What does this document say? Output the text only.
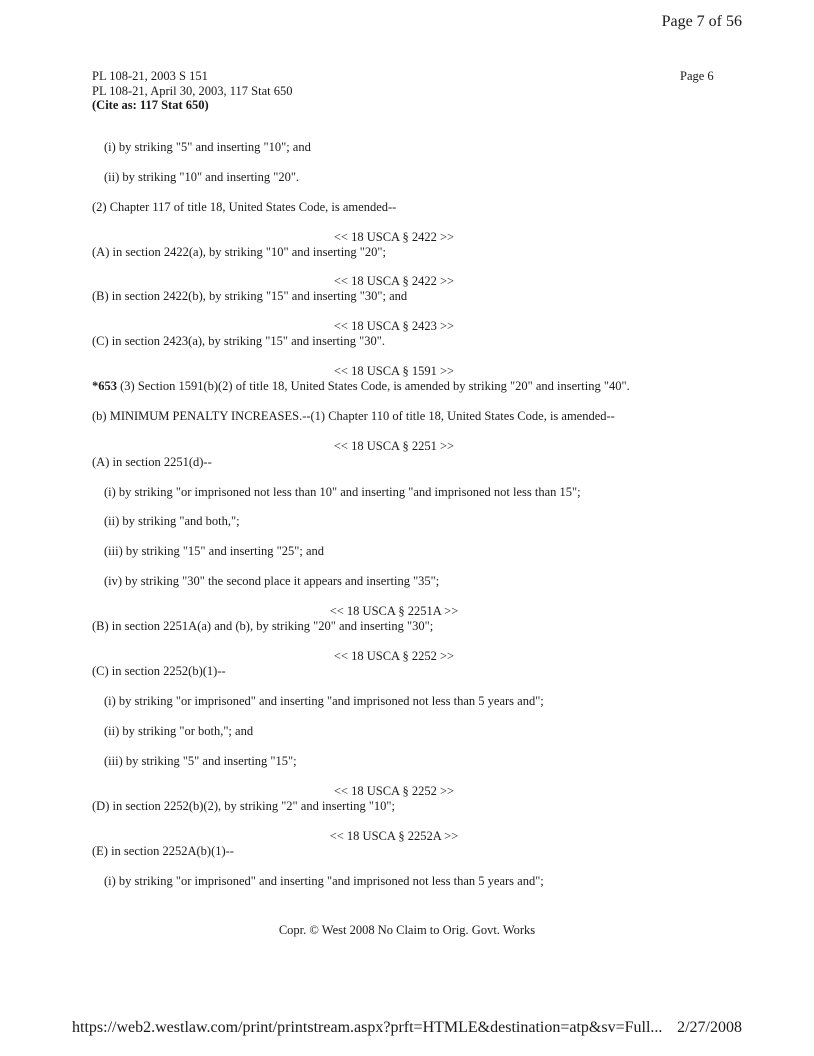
Page 7 of 56
PL 108-21, 2003 S 151
PL 108-21, April 30, 2003, 117 Stat 650
(Cite as: 117 Stat 650)
Page 6
(i) by striking "5" and inserting "10"; and
(ii) by striking "10" and inserting "20".
(2) Chapter 117 of title 18, United States Code, is amended--
<< 18 USCA § 2422 >>
(A) in section 2422(a), by striking "10" and inserting "20";
<< 18 USCA § 2422 >>
(B) in section 2422(b), by striking "15" and inserting "30"; and
<< 18 USCA § 2423 >>
(C) in section 2423(a), by striking "15" and inserting "30".
<< 18 USCA § 1591 >>
*653 (3) Section 1591(b)(2) of title 18, United States Code, is amended by striking "20" and inserting "40".
(b) MINIMUM PENALTY INCREASES.--(1) Chapter 110 of title 18, United States Code, is amended--
<< 18 USCA § 2251 >>
(A) in section 2251(d)--
(i) by striking "or imprisoned not less than 10" and inserting "and imprisoned not less than 15";
(ii) by striking "and both,";
(iii) by striking "15" and inserting "25"; and
(iv) by striking "30" the second place it appears and inserting "35";
<< 18 USCA § 2251A >>
(B) in section 2251A(a) and (b), by striking "20" and inserting "30";
<< 18 USCA § 2252 >>
(C) in section 2252(b)(1)--
(i) by striking "or imprisoned" and inserting "and imprisoned not less than 5 years and";
(ii) by striking "or both,"; and
(iii) by striking "5" and inserting "15";
<< 18 USCA § 2252 >>
(D) in section 2252(b)(2), by striking "2" and inserting "10";
<< 18 USCA § 2252A >>
(E) in section 2252A(b)(1)--
(i) by striking "or imprisoned" and inserting "and imprisoned not less than 5 years and";
Copr. © West 2008 No Claim to Orig. Govt. Works
https://web2.westlaw.com/print/printstream.aspx?prft=HTMLE&destination=atp&sv=Full... 2/27/2008
